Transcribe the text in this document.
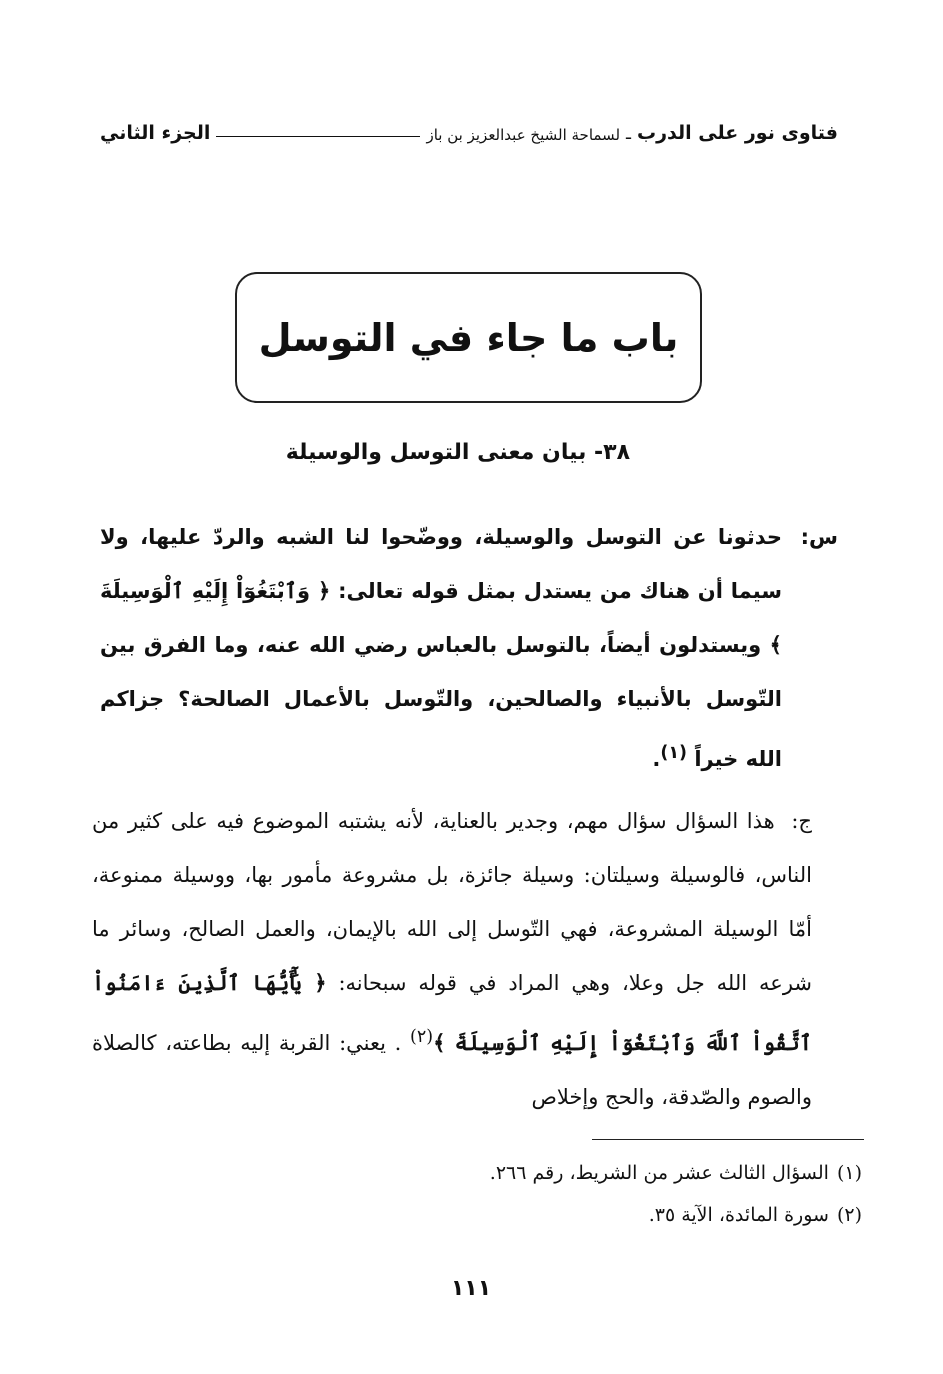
فتاوى نور على الدرب
ـ
لسماحة الشيخ عبدالعزيز بن باز
الجزء الثاني
باب ما جاء في التوسل
٣٨- بيان معنى التوسل والوسيلة
س:
حدثونا عن التوسل والوسيلة، ووضّحوا لنا الشبه والردّ عليها، ولا سيما أن هناك من يستدل بمثل قوله تعالى: ﴿ وَٱبْتَغُوٓاْ إِلَيْهِ ٱلْوَسِيلَةَ ﴾ ويستدلون أيضاً، بالتوسل بالعباس رضي الله عنه، وما الفرق بين التّوسل بالأنبياء والصالحين، والتّوسل بالأعمال الصالحة؟ جزاكم الله خيراً $^{(١)}$.
ج: هذا السؤال سؤال مهم، وجدير بالعناية، لأنه يشتبه الموضوع فيه على كثير من الناس، فالوسيلة وسيلتان: وسيلة جائزة، بل مشروعة مأمور بها، ووسيلة ممنوعة، أمّا الوسيلة المشروعة، فهي التّوسل إلى الله بالإيمان، والعمل الصالح، وسائر ما شرعه الله جل وعلا، وهي المراد في قوله سبحانه: ﴿ يَٰٓأَيُّهَا ٱلَّذِينَ ءَامَنُواْ ٱتَّقُواْ ٱللَّهَ وَٱبْتَغُوٓاْ إِلَيْهِ ٱلْوَسِيلَةَ ﴾$^{(٢)}$ . يعني: القربة إليه بطاعته، كالصلاة والصوم والصّدقة، والحج وإخلاص
(١)
السؤال الثالث عشر من الشريط، رقم ٢٦٦.
(٢)
سورة المائدة، الآية ٣٥.
١١١
